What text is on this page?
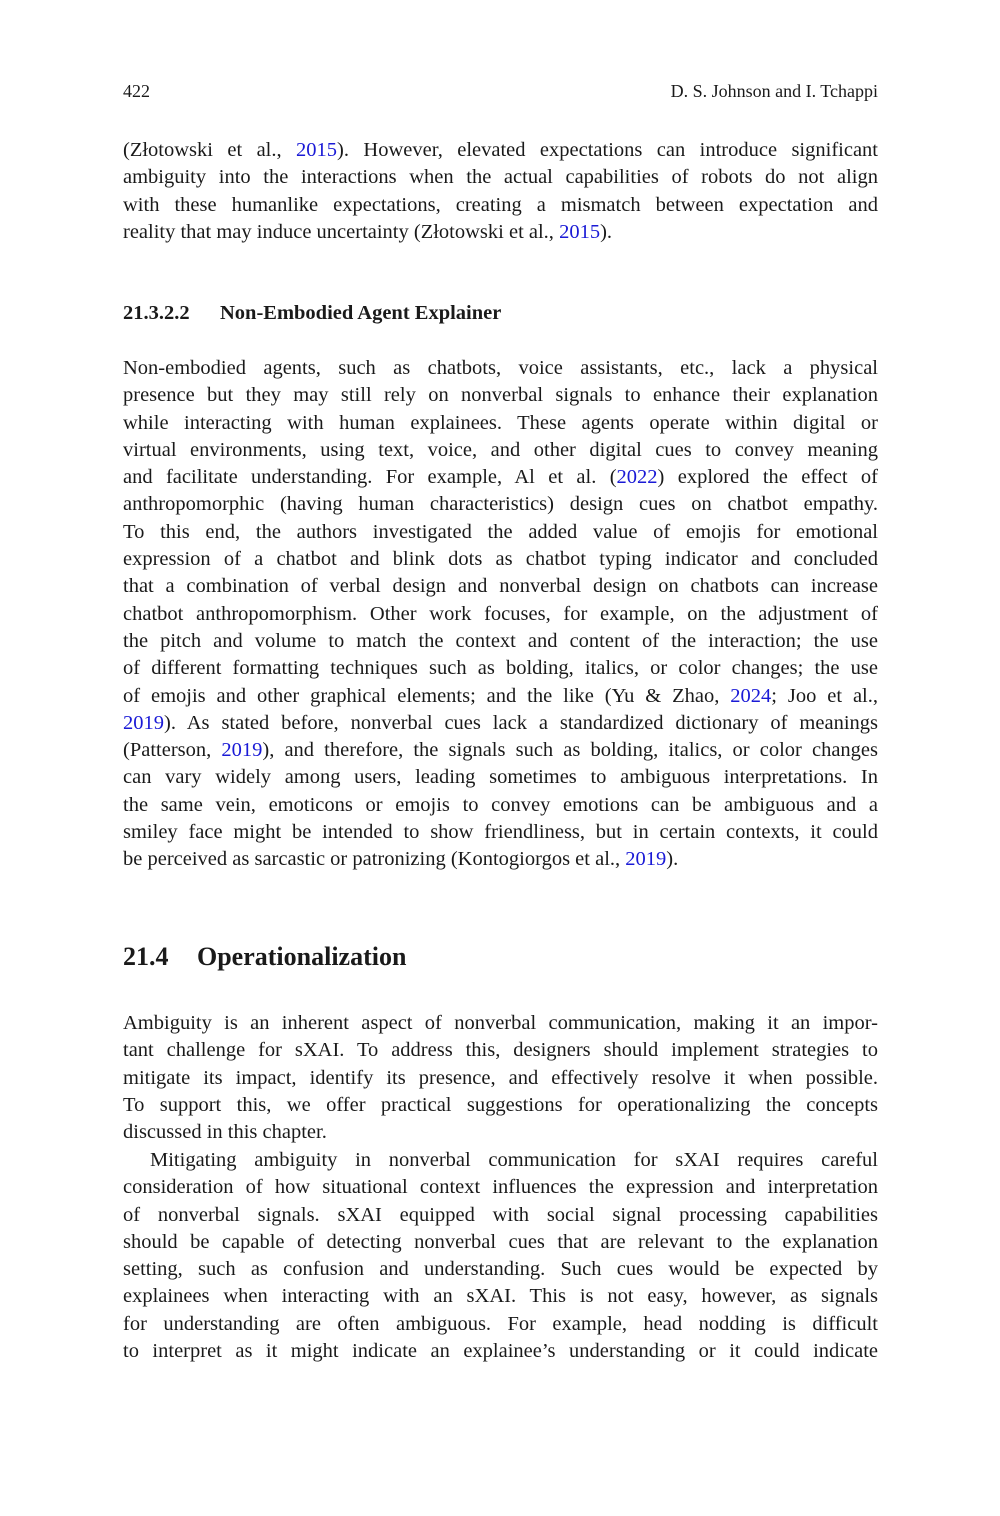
422	D. S. Johnson and I. Tchappi
(Złotowski et al., 2015). However, elevated expectations can introduce significant
ambiguity into the interactions when the actual capabilities of robots do not align
with these humanlike expectations, creating a mismatch between expectation and
reality that may induce uncertainty (Złotowski et al., 2015).
21.3.2.2 Non-Embodied Agent Explainer
Non-embodied agents, such as chatbots, voice assistants, etc., lack a physical
presence but they may still rely on nonverbal signals to enhance their explanation
while interacting with human explainees. These agents operate within digital or
virtual environments, using text, voice, and other digital cues to convey meaning
and facilitate understanding. For example, Al et al. (2022) explored the effect of
anthropomorphic (having human characteristics) design cues on chatbot empathy.
To this end, the authors investigated the added value of emojis for emotional
expression of a chatbot and blink dots as chatbot typing indicator and concluded
that a combination of verbal design and nonverbal design on chatbots can increase
chatbot anthropomorphism. Other work focuses, for example, on the adjustment of
the pitch and volume to match the context and content of the interaction; the use
of different formatting techniques such as bolding, italics, or color changes; the use
of emojis and other graphical elements; and the like (Yu & Zhao, 2024; Joo et al.,
2019). As stated before, nonverbal cues lack a standardized dictionary of meanings
(Patterson, 2019), and therefore, the signals such as bolding, italics, or color changes
can vary widely among users, leading sometimes to ambiguous interpretations. In
the same vein, emoticons or emojis to convey emotions can be ambiguous and a
smiley face might be intended to show friendliness, but in certain contexts, it could
be perceived as sarcastic or patronizing (Kontogiorgos et al., 2019).
21.4 Operationalization
Ambiguity is an inherent aspect of nonverbal communication, making it an impor-
tant challenge for sXAI. To address this, designers should implement strategies to
mitigate its impact, identify its presence, and effectively resolve it when possible.
To support this, we offer practical suggestions for operationalizing the concepts
discussed in this chapter.
Mitigating ambiguity in nonverbal communication for sXAI requires careful
consideration of how situational context influences the expression and interpretation
of nonverbal signals. sXAI equipped with social signal processing capabilities
should be capable of detecting nonverbal cues that are relevant to the explanation
setting, such as confusion and understanding. Such cues would be expected by
explainees when interacting with an sXAI. This is not easy, however, as signals
for understanding are often ambiguous. For example, head nodding is difficult
to interpret as it might indicate an explainee’s understanding or it could indicate
